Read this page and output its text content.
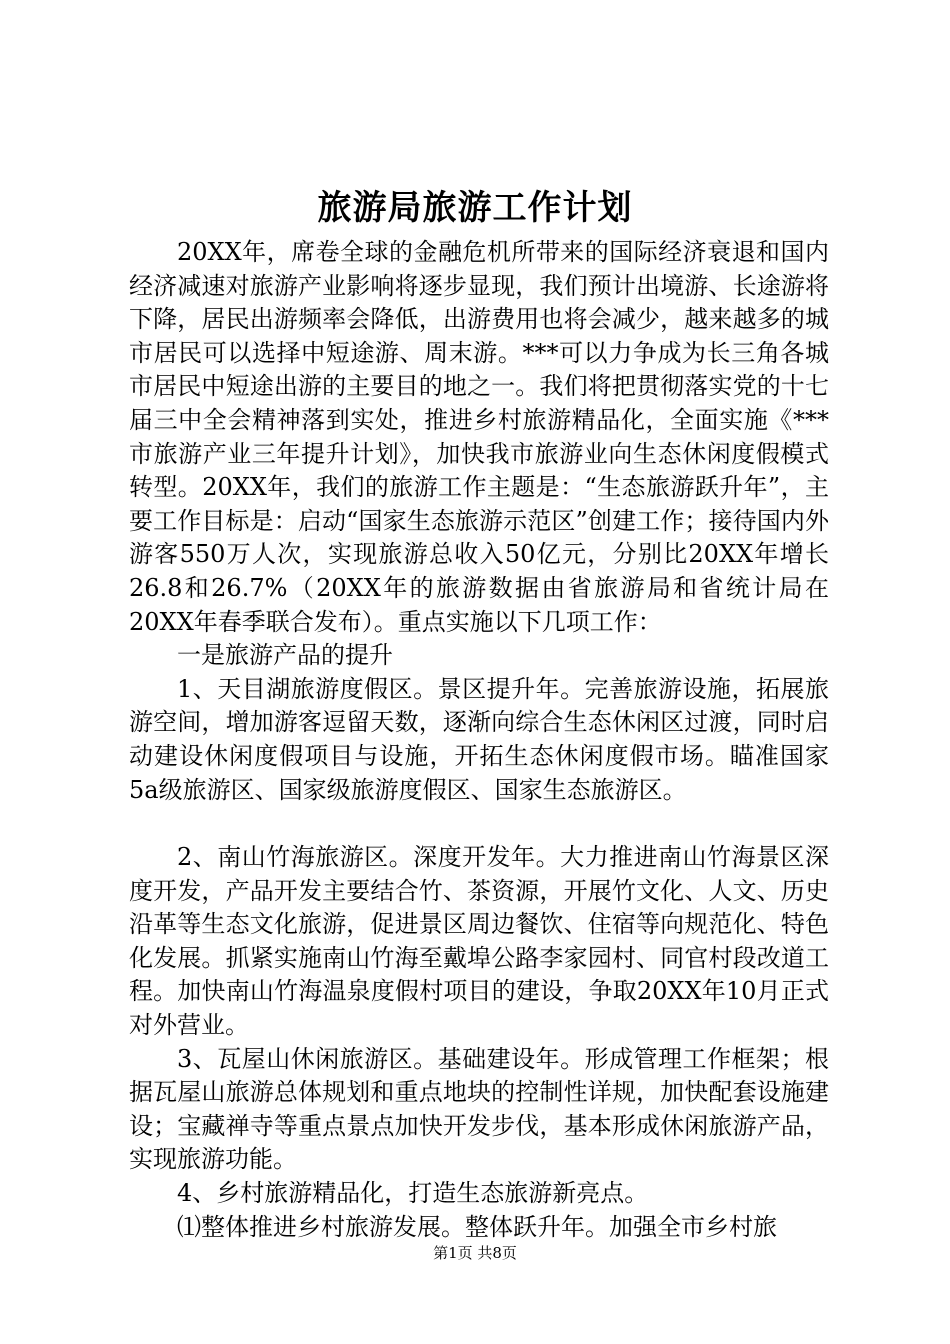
旅游局旅游工作计划

20XX年，席卷全球的金融危机所带来的国际经济衰退和国内经济减速对旅游产业影响将逐步显现，我们预计出境游、长途游将下降，居民出游频率会降低，出游费用也将会减少，越来越多的城市居民可以选择中短途游、周末游。***可以力争成为长三角各城市居民中短途出游的主要目的地之一。我们将把贯彻落实党的十七届三中全会精神落到实处，推进乡村旅游精品化，全面实施《***市旅游产业三年提升计划》，加快我市旅游业向生态休闲度假模式转型。20XX年，我们的旅游工作主题是：“生态旅游跃升年”，主要工作目标是：启动“国家生态旅游示范区”创建工作；接待国内外游客550万人次，实现旅游总收入50亿元，分别比20XX年增长26.8和26.7%（20XX年的旅游数据由省旅游局和省统计局在20XX年春季联合发布）。重点实施以下几项工作：

一是旅游产品的提升

1、天目湖旅游度假区。景区提升年。完善旅游设施，拓展旅游空间，增加游客逗留天数，逐渐向综合生态休闲区过渡，同时启动建设休闲度假项目与设施，开拓生态休闲度假市场。瞄准国家5a级旅游区、国家级旅游度假区、国家生态旅游区。

2、南山竹海旅游区。深度开发年。大力推进南山竹海景区深度开发，产品开发主要结合竹、茶资源，开展竹文化、人文、历史沿革等生态文化旅游，促进景区周边餐饮、住宿等向规范化、特色化发展。抓紧实施南山竹海至戴埠公路李家园村、同官村段改道工程。加快南山竹海温泉度假村项目的建设，争取20XX年10月正式对外营业。

3、瓦屋山休闲旅游区。基础建设年。形成管理工作框架；根据瓦屋山旅游总体规划和重点地块的控制性详规，加快配套设施建设；宝藏禅寺等重点景点加快开发步伐，基本形成休闲旅游产品，实现旅游功能。

4、乡村旅游精品化，打造生态旅游新亮点。

⑴整体推进乡村旅游发展。整体跃升年。加强全市乡村旅

第1页 共8页
